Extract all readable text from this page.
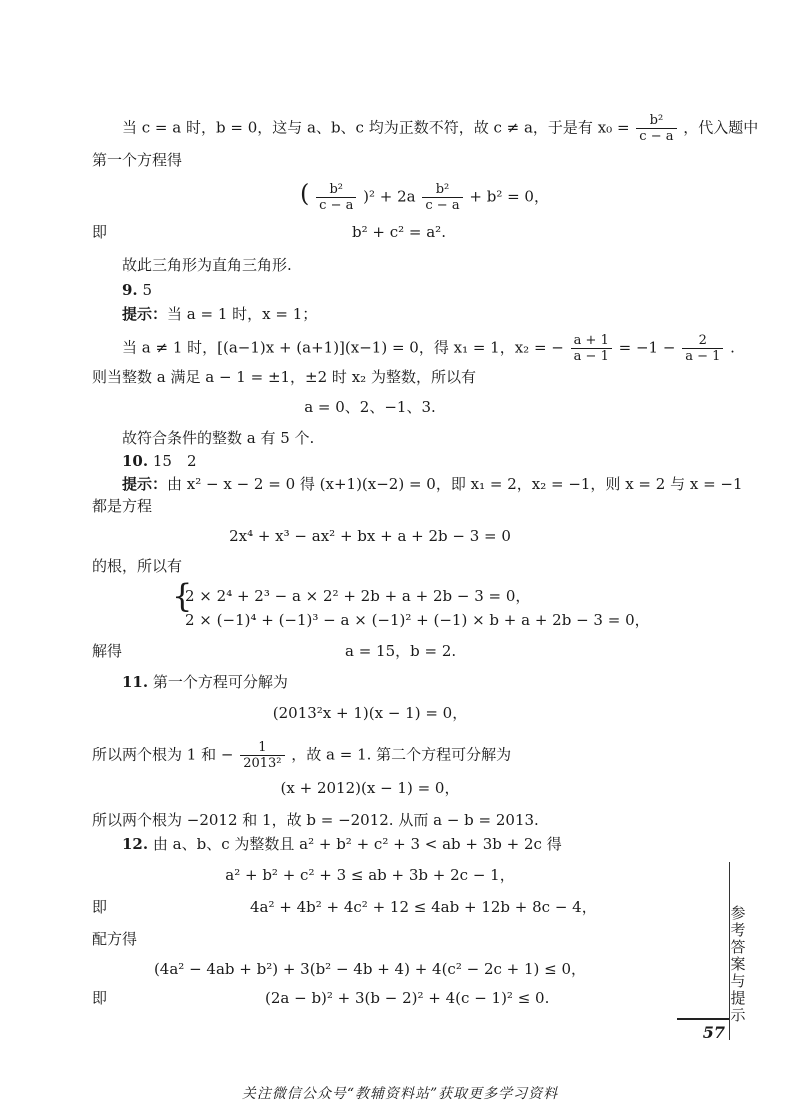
当 c = a 时，b = 0，这与 a、b、c 均为正数不符，故 c ≠ a，于是有 $x_0 = \frac{\text{b²}}{c - a}$ ，代入题中
第一个方程得
( $\frac{\text{b²}}{c - a} )^2 + 2a \frac{\text{b²}}{c - a} + b^2 = 0$，
即	b² + c² = a².
故此三角形为直角三角形.
9. 5
提示：当 a = 1 时，x = 1；
当 a ≠ 1 时，[(a−1)x + (a+1)](x−1) = 0，得 x₁ = 1，x₂ = − $\frac{a + 1}{a - 1} = -1 - \frac{2}{a - 1}$ .
则当整数 a 满足 a − 1 = ±1，±2 时 x₂ 为整数，所以有
a = 0、2、−1、3.
故符合条件的整数 a 有 5 个.
10. 15　2
提示：由 x² − x − 2 = 0 得 (x+1)(x−2) = 0，即 x₁ = 2，x₂ = −1，则 x = 2 与 x = −1
都是方程
2x⁴ + x³ − ax² + bx + a + 2b − 3 = 0
的根，所以有
{
2 × 2⁴ + 2³ − a × 2² + 2b + a + 2b − 3 = 0，
2 × (−1)⁴ + (−1)³ − a × (−1)² + (−1) × b + a + 2b − 3 = 0，
解得	a = 15，b = 2.
11. 第一个方程可分解为
(2013²x + 1)(x − 1) = 0，
所以两个根为 1 和 − $\frac{1}{\text{2013²}}$ ，故 a = 1. 第二个方程可分解为
(x + 2012)(x − 1) = 0，
所以两个根为 −2012 和 1，故 b = −2012. 从而 a − b = 2013.
12. 由 a、b、c 为整数且 a² + b² + c² + 3 < ab + 3b + 2c 得
a² + b² + c² + 3 ≤ ab + 3b + 2c − 1，
即	4a² + 4b² + 4c² + 12 ≤ 4ab + 12b + 8c − 4，
配方得
(4a² − 4ab + b²) + 3(b² − 4b + 4) + 4(c² − 2c + 1) ≤ 0，
即	(2a − b)² + 3(b − 2)² + 4(c − 1)² ≤ 0.
参
考
答
案
与
提
示
57
关注微信公众号“教辅资料站”获取更多学习资料
